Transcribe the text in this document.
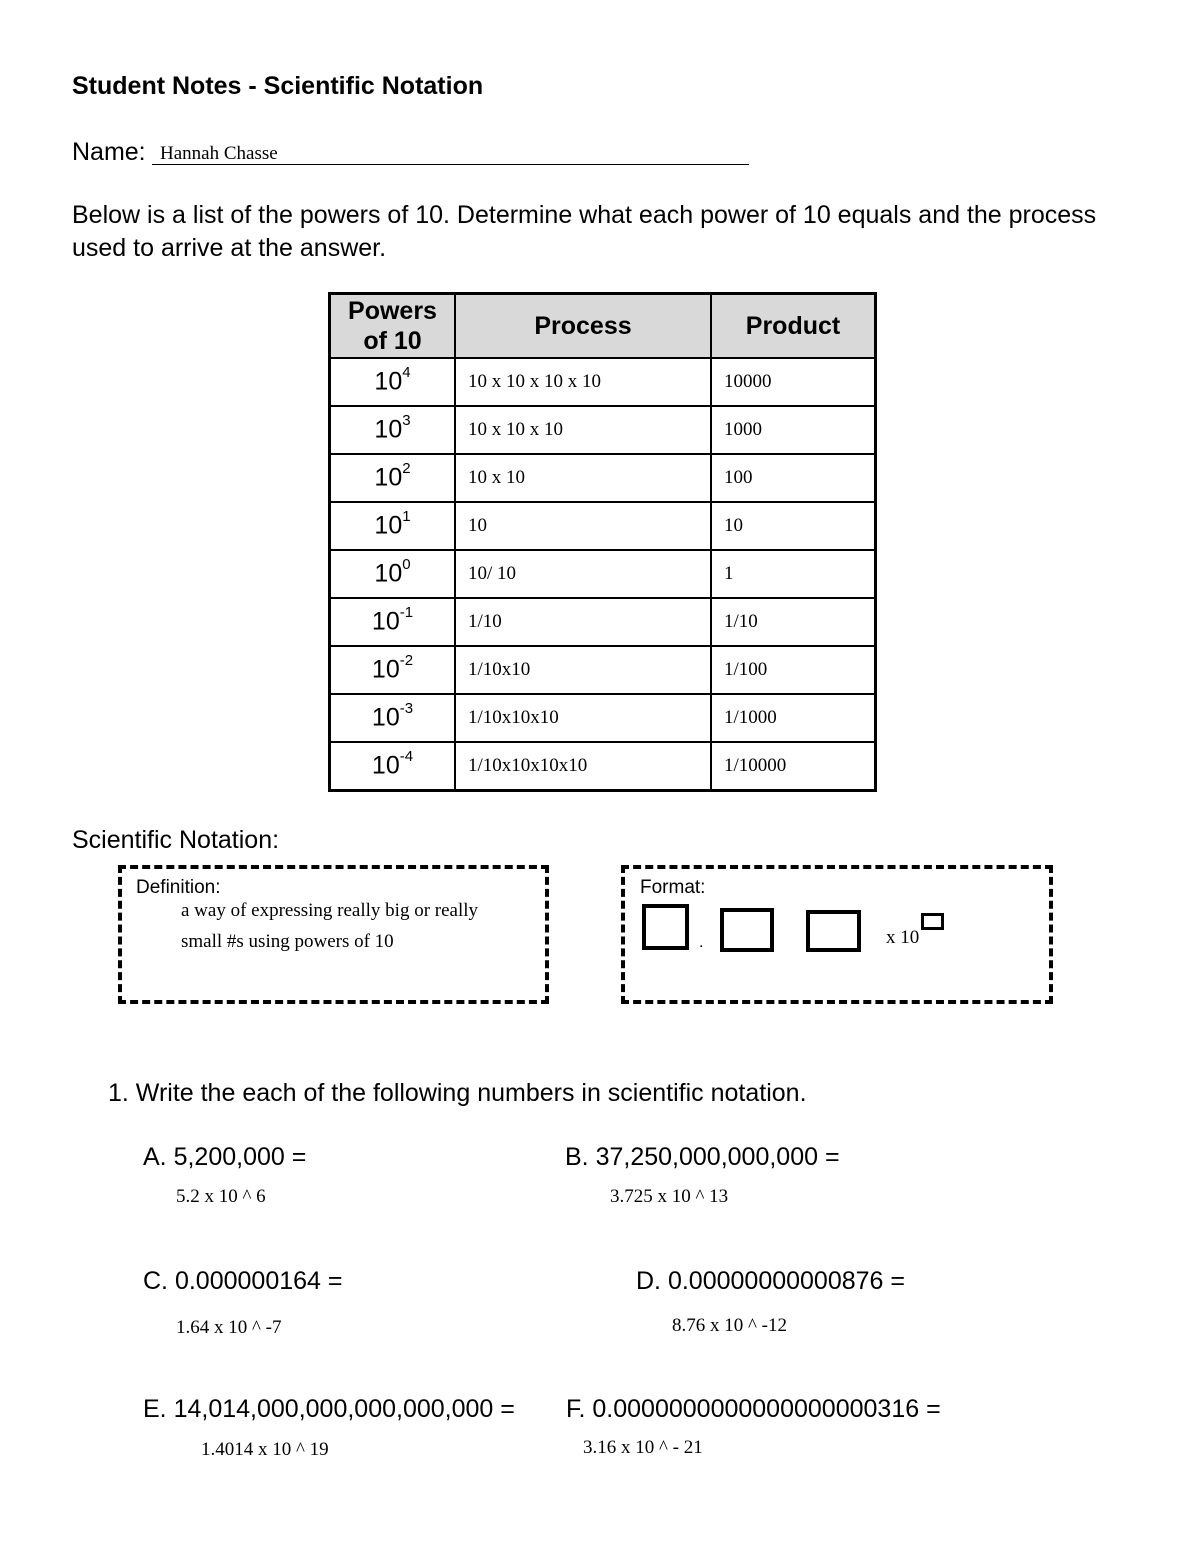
Student Notes - Scientific Notation
Name: Hannah Chasse
Below is a list of the powers of 10. Determine what each power of 10 equals and the process used to arrive at the answer.
Powers
of 10	Process	Product
$10^4$	10 x 10 x 10 x 10	10000
$10^3$	10 x 10 x 10	1000
$10^2$	10 x 10	100
$10^1$	10	10
$10^0$	10/ 10	1
$10^{-1}$	1/10	1/10
$10^{-2}$	1/10x10	1/100
$10^{-3}$	1/10x10x10	1/1000
$10^{-4}$	1/10x10x10x10	1/10000
Scientific Notation:
Definition:
a way of expressing really big or really small #s using powers of 10
Format:
.	x 10
1. Write the each of the following numbers in scientific notation.
A. 5,200,000 =
5.2 x 10 ^ 6
B. 37,250,000,000,000 =
3.725 x 10 ^ 13
C. 0.000000164 =
1.64 x 10 ^ -7
D. 0.00000000000876 =
8.76 x 10 ^ -12
E. 14,014,000,000,000,000,000 =
1.4014 x 10 ^ 19
F. 0.0000000000000000000316 =
3.16 x 10 ^ - 21
